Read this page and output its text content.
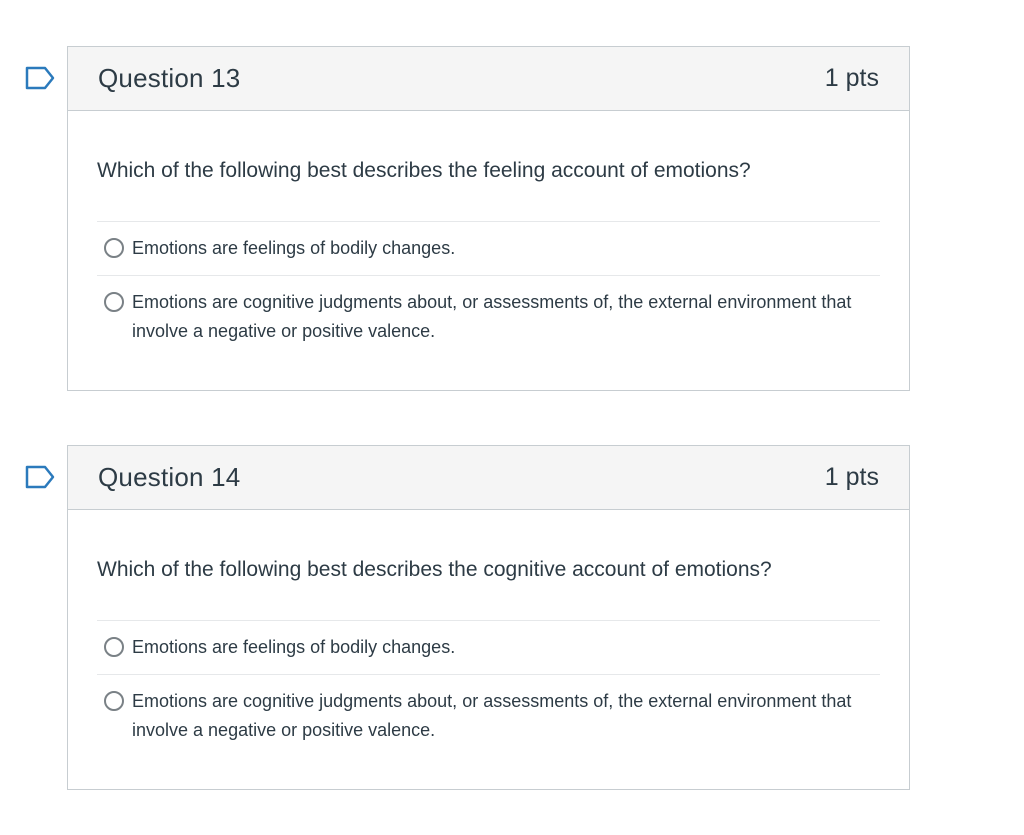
Question 13	1 pts

Which of the following best describes the feeling account of emotions?

Emotions are feelings of bodily changes.
Emotions are cognitive judgments about, or assessments of, the external environment that involve a negative or positive valence.
Question 14	1 pts

Which of the following best describes the cognitive account of emotions?

Emotions are feelings of bodily changes.
Emotions are cognitive judgments about, or assessments of, the external environment that involve a negative or positive valence.
